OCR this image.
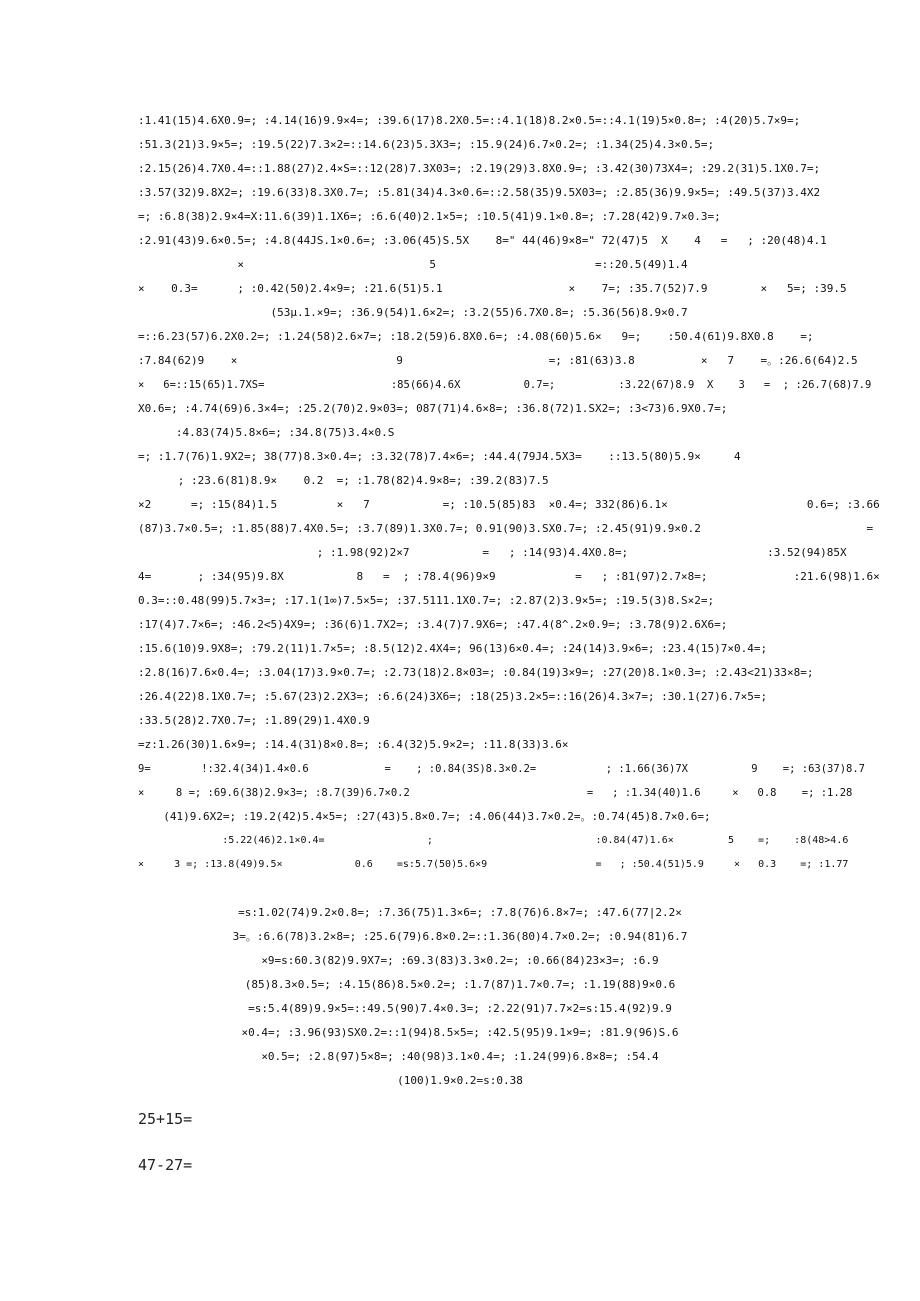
:1.41(15)4.6X0.9=; :4.14(16)9.9×4=; :39.6(17)8.2X0.5=::4.1(18)8.2×0.5=::4.1(19)5×0.8=; :4(20)5.7×9=;
:51.3(21)3.9×5=; :19.5(22)7.3×2=::14.6(23)5.3X3=; :15.9(24)6.7×0.2=; :1.34(25)4.3×0.5=;
:2.15(26)4.7X0.4=::1.88(27)2.4×S=::12(28)7.3X03=; :2.19(29)3.8X0.9=; :3.42(30)73X4=; :29.2(31)5.1X0.7=;
:3.57(32)9.8X2=; :19.6(33)8.3X0.7=; :5.81(34)4.3×0.6=::2.58(35)9.5X03=; :2.85(36)9.9×5=; :49.5(37)3.4X2
=; :6.8(38)2.9×4=X:11.6(39)1.1X6=; :6.6(40)2.1×5=; :10.5(41)9.1×0.8=; :7.28(42)9.7×0.3=;
:2.91(43)9.6×0.5=; :4.8(44JS.1×0.6=; :3.06(45)S.5X    8=" 44(46)9×8=" 72(47)5  X    4   =   ; :20(48)4.1
×                            5                        =::20.5(49)1.4
×    0.3=      ; :0.42(50)2.4×9=; :21.6(51)5.1                   ×    7=; :35.7(52)7.9        ×   5=; :39.5
(53μ.1.×9=; :36.9(54)1.6×2=; :3.2(55)6.7X0.8=; :5.36(56)8.9×0.7
=::6.23(57)6.2X0.2=; :1.24(58)2.6×7=; :18.2(59)6.8X0.6=; :4.08(60)5.6×   9=;    :50.4(61)9.8X0.8    =;
:7.84(62)9    ×                        9                      =; :81(63)3.8          ×   7    =。:26.6(64)2.5
×   6=::15(65)1.7XS=                    :85(66)4.6X          0.7=;          :3.22(67)8.9  X    3   =  ; :26.7(68)7.9
X0.6=; :4.74(69)6.3×4=; :25.2(70)2.9×03=; 087(71)4.6×8=; :36.8(72)1.SX2=; :3<73)6.9X0.7=;
:4.83(74)5.8×6=; :34.8(75)3.4×0.S
=; :1.7(76)1.9X2=; 38(77)8.3×0.4=; :3.32(78)7.4×6=; :44.4(79J4.5X3=    ::13.5(80)5.9×     4
; :23.6(81)8.9×    0.2  =; :1.78(82)4.9×8=; :39.2(83)7.5
×2      =; :15(84)1.5         ×   7           =; :10.5(85)83  ×0.4=; 332(86)6.1×                     0.6=; :3.66
(87)3.7×0.5=; :1.85(88)7.4X0.5=; :3.7(89)1.3X0.7=; 0.91(90)3.SX0.7=; :2.45(91)9.9×0.2                         =
; :1.98(92)2×7           =   ; :14(93)4.4X0.8=;                     :3.52(94)85X
4=       ; :34(95)9.8X           8   =  ; :78.4(96)9×9            =   ; :81(97)2.7×8=;             :21.6(98)1.6×
0.3=::0.48(99)5.7×3=; :17.1(1∞)7.5×5=; :37.5111.1X0.7=; :2.87(2)3.9×5=; :19.5(3)8.S×2=;
:17(4)7.7×6=; :46.2<5)4X9=; :36(6)1.7X2=; :3.4(7)7.9X6=; :47.4(8^.2×0.9=; :3.78(9)2.6X6=;
:15.6(10)9.9X8=; :79.2(11)1.7×5=; :8.5(12)2.4X4=; 96(13)6×0.4=; :24(14)3.9×6=; :23.4(15)7×0.4=;
:2.8(16)7.6×0.4=; :3.04(17)3.9×0.7=; :2.73(18)2.8×03=; :0.84(19)3×9=; :27(20)8.1×0.3=; :2.43<21)33×8=;
:26.4(22)8.1X0.7=; :5.67(23)2.2X3=; :6.6(24)3X6=; :18(25)3.2×5=::16(26)4.3×7=; :30.1(27)6.7×5=;
:33.5(28)2.7X0.7=; :1.89(29)1.4X0.9
=z:1.26(30)1.6×9=; :14.4(31)8×0.8=; :6.4(32)5.9×2=; :11.8(33)3.6×
9=        !:32.4(34)1.4×0.6            =    ; :0.84(3S)8.3×0.2=           ; :1.66(36)7X          9    =; :63(37)8.7
×     8 =; :69.6(38)2.9×3=; :8.7(39)6.7×0.2                            =   ; :1.34(40)1.6     ×   0.8    =; :1.28
(41)9.6X2=; :19.2(42)5.4×5=; :27(43)5.8×0.7=; :4.06(44)3.7×0.2=。:0.74(45)8.7×0.6=;
:5.22(46)2.1×0.4=                 ;                           :0.84(47)1.6×         5    =;    :8(48>4.6
×     3 =; :13.8(49)9.5×            0.6    =s:5.7(50)5.6×9                  =   ; :50.4(51)5.9     ×   0.3    =; :1.77
=s:1.02(74)9.2×0.8=; :7.36(75)1.3×6=; :7.8(76)6.8×7=; :47.6(77|2.2×
3=。:6.6(78)3.2×8=; :25.6(79)6.8×0.2=::1.36(80)4.7×0.2=; :0.94(81)6.7
×9=s:60.3(82)9.9X7=; :69.3(83)3.3×0.2=; :0.66(84)23×3=; :6.9
(85)8.3×0.5=; :4.15(86)8.5×0.2=; :1.7(87)1.7×0.7=; :1.19(88)9×0.6
=s:5.4(89)9.9×5=::49.5(90)7.4×0.3=; :2.22(91)7.7×2=s:15.4(92)9.9
×0.4=; :3.96(93)SX0.2=::1(94)8.5×5=; :42.5(95)9.1×9=; :81.9(96)S.6
×0.5=; :2.8(97)5×8=; :40(98)3.1×0.4=; :1.24(99)6.8×8=; :54.4
(100)1.9×0.2=s:0.38
25+15=
47-27=
